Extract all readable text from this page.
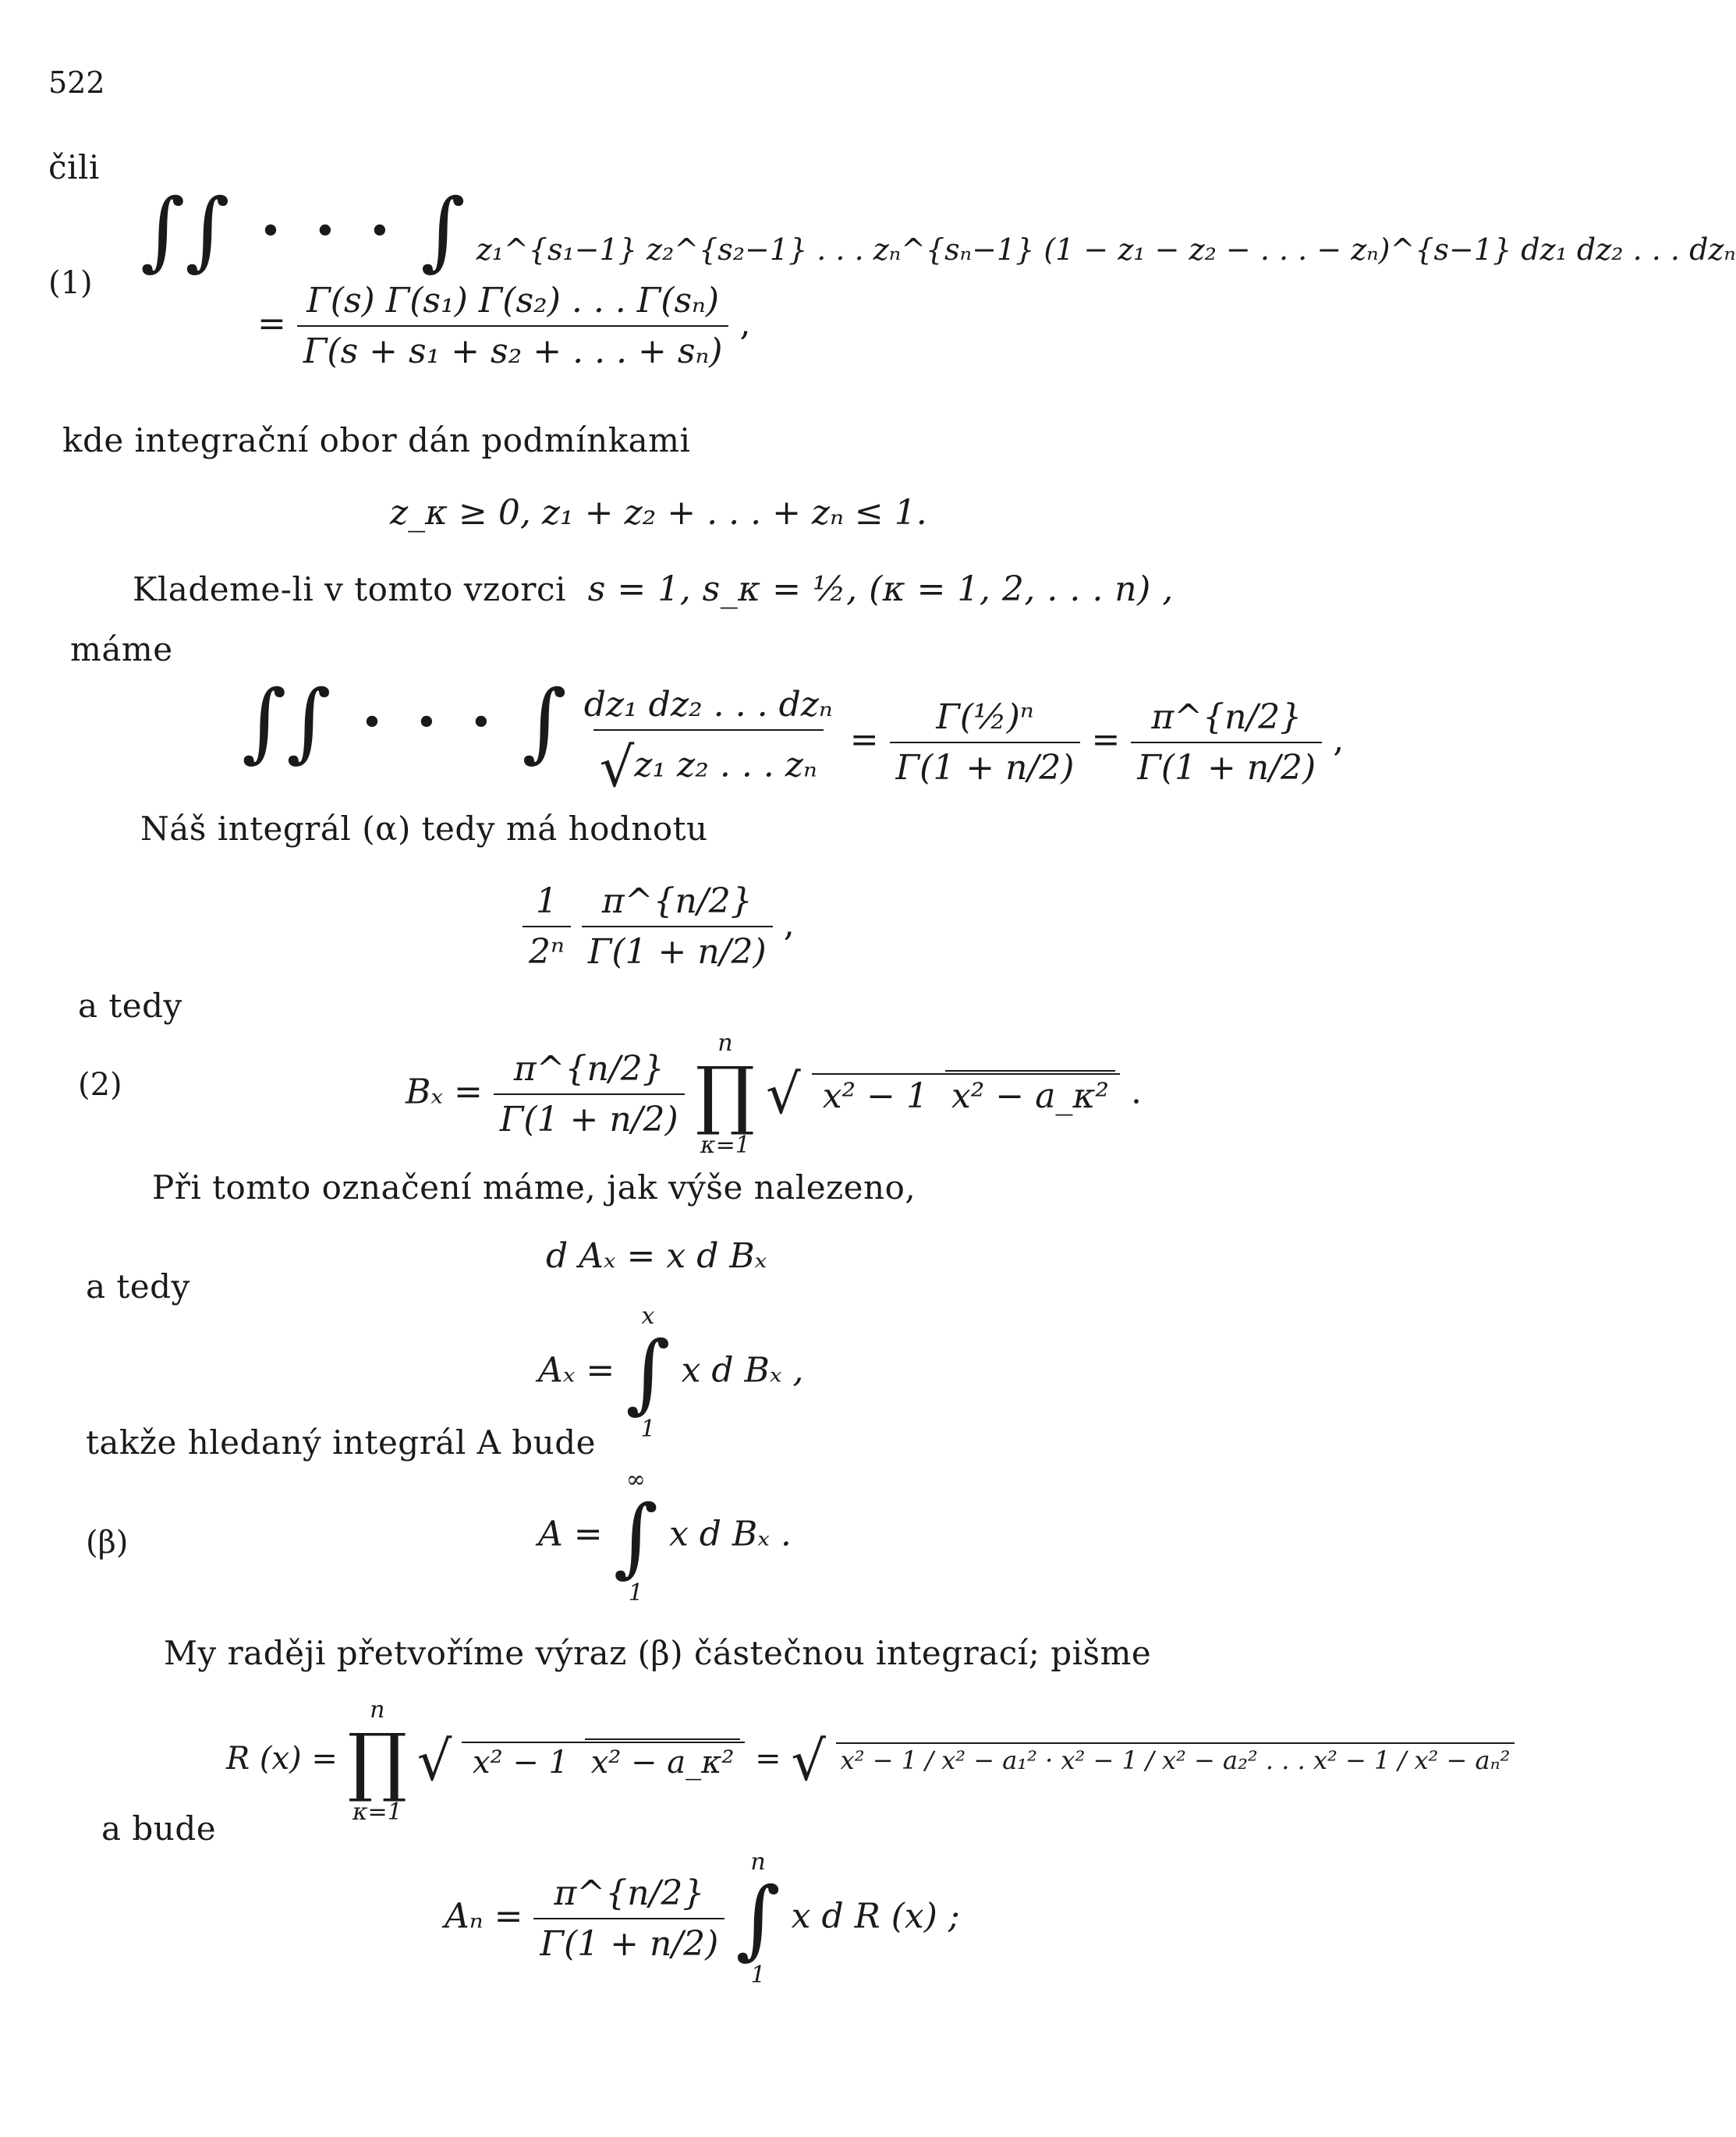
522
čili
(1)
∫∫ · · · ∫ z₁^{s₁−1} z₂^{s₂−1} . . . zₙ^{sₙ−1} (1 − z₁ − z₂ − . . . − zₙ)^{s−1} dz₁ dz₂ . . . dzₙ
= $\frac{\text{Γ(s) Γ(s₁) Γ(s₂) . . . Γ(sₙ)}}{\text{Γ(s + s₁ + s₂ + . . . + sₙ)}}$ ,
kde integrační obor dán podmínkami
z_κ ≥ 0, z₁ + z₂ + . . . + zₙ ≤ 1.
Klademe-li v tomto vzorci s = 1, s_κ = ½, (κ = 1, 2, . . . n) ,
máme
∫∫ · · · ∫ $\frac{\text{dz₁ dz₂ . . . dzₙ}}{\text{√z₁ z₂ . . . zₙ}} = \frac{\text{Γ(½)ⁿ}}{\Gamma(1 + n/2)} = \frac{\pi\^{}\{n/2\}}{\Gamma(1 + n/2)}$ ,
Náš integrál (α) tedy má hodnotu
$\frac{1}{\text{2ⁿ}}$
$\frac{\pi\^{}\{n/2\}}{\Gamma(1 + n/2)}$ ,
a tedy
(2)	$B_x = \frac{\pi\^{}\{n/2\}}{\Gamma(1 + n/2)}$

n
∏
κ=1
√ x² − 1 x² − a_κ² .
Při tomto označení máme, jak výše nalezeno,
d Aₓ = x d Bₓ
a tedy
Aₓ =
x
∫
1
x d Bₓ ,
takže hledaný integrál A bude
(β)	A =
∞
∫
1
x d Bₓ .
My raději přetvoříme výraz (β) částečnou integrací; pišme
R (x) =
n
∏
κ=1
√ x² − 1 x² − a_κ² = √ x² − 1 / x² − a₁² · x² − 1 / x² − a₂² . . . x² − 1 / x² − aₙ²
a bude
$A_n = \frac{\pi\^{}\{n/2\}}{\Gamma(1 + n/2)}$

n
∫
1
x d R (x) ;
